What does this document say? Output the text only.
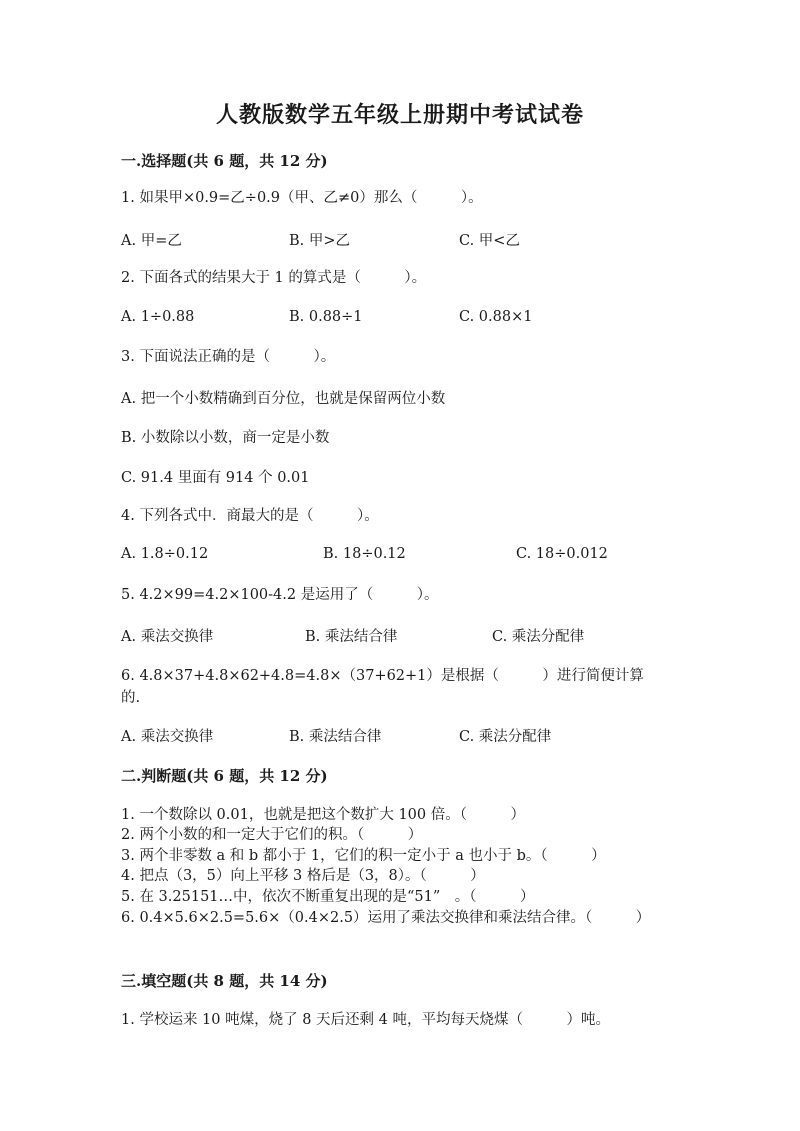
人教版数学五年级上册期中考试试卷
一.选择题(共 6 题，共 12 分)
1. 如果甲×0.9=乙÷0.9（甲、乙≠0）那么（　　　）。
A. 甲=乙	B. 甲>乙	C. 甲<乙
2. 下面各式的结果大于 1 的算式是（　　　）。
A. 1÷0.88	B. 0.88÷1	C. 0.88×1
3. 下面说法正确的是（　　　）。
A. 把一个小数精确到百分位，也就是保留两位小数
B. 小数除以小数，商一定是小数
C. 91.4 里面有 914 个 0.01
4. 下列各式中．商最大的是（　　　）。
A. 1.8÷0.12	B. 18÷0.12	C. 18÷0.012
5. 4.2×99=4.2×100-4.2 是运用了（　　　）。
A. 乘法交换律	B. 乘法结合律	C. 乘法分配律
6. 4.8×37+4.8×62+4.8=4.8×（37+62+1）是根据（　　　）进行简便计算的.
A. 乘法交换律	B. 乘法结合律	C. 乘法分配律
二.判断题(共 6 题，共 12 分)
1. 一个数除以 0.01，也就是把这个数扩大 100 倍。（　　　）
2. 两个小数的和一定大于它们的积。（　　　）
3. 两个非零数 a 和 b 都小于 1，它们的积一定小于 a 也小于 b。（　　　）
4. 把点（3，5）向上平移 3 格后是（3，8）。（　　　）
5. 在 3.25151…中，依次不断重复出现的是“51”　。（　　　）
6. 0.4×5.6×2.5=5.6×（0.4×2.5）运用了乘法交换律和乘法结合律。（　　　）
三.填空题(共 8 题，共 14 分)
1. 学校运来 10 吨煤，烧了 8 天后还剩 4 吨，平均每天烧煤（　　　）吨。
